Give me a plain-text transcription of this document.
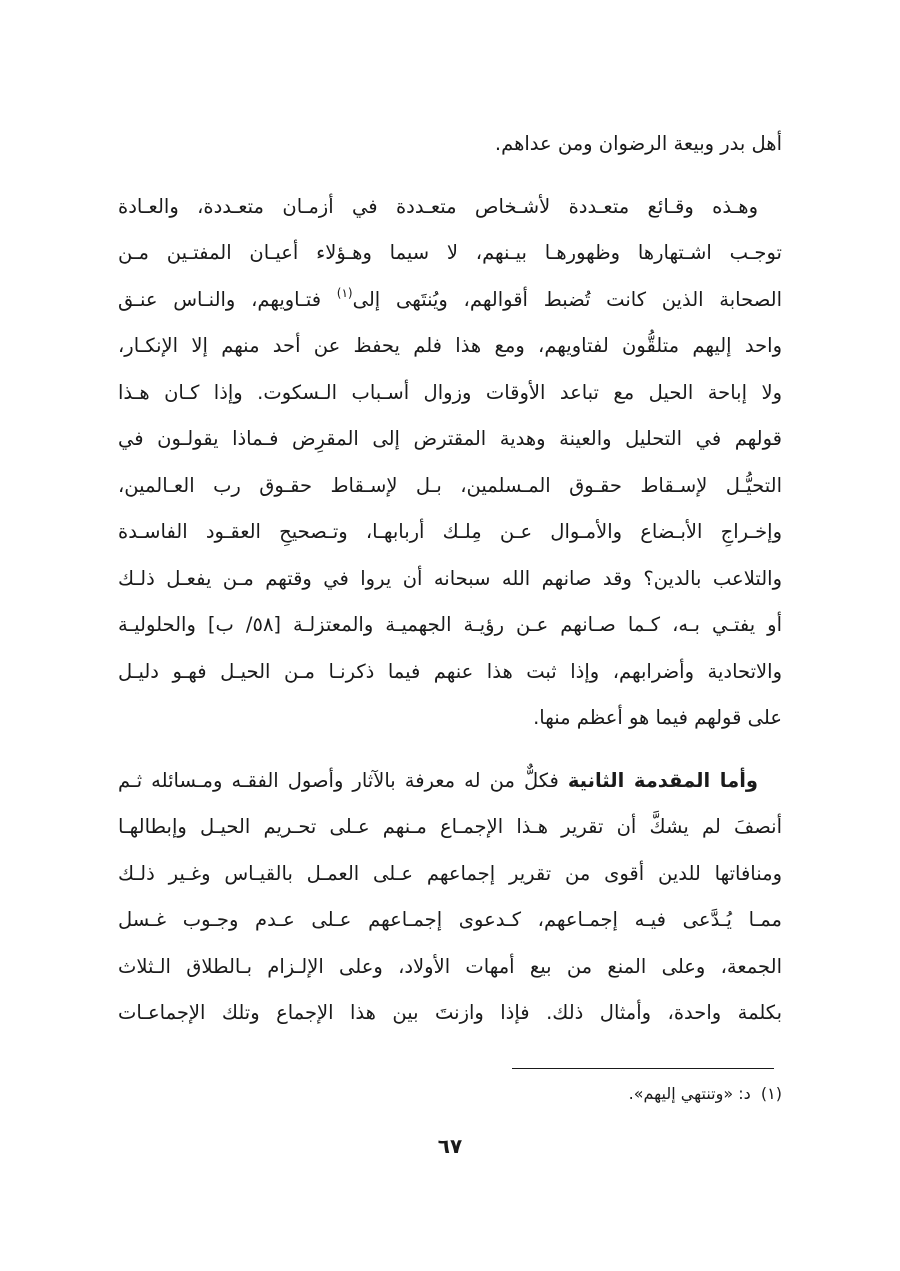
أهل بدر وبيعة الرضوان ومن عداهم.

وهـذه وقـائع متعـددة لأشـخاص متعـددة في أزمـان متعـددة، والعـادة
توجـب اشـتهارها وظهورهـا بيـنهم، لا سيما وهـؤلاء أعيـان المفتـين مـن
الصحابة الذين كانت تُضبط أقوالهم، ويُنتَهى إلى$^{(١)}$ فتـاويهم، والنـاس عنـق
واحد إليهم متلقُّون لفتاويهم، ومع هذا فلم يحفظ عن أحد منهم إلا الإنكـار،
ولا إباحة الحيل مع تباعد الأوقات وزوال أسـباب الـسكوت. وإذا كـان هـذا
قولهم في التحليل والعينة وهدية المقترض إلى المقرِض فـماذا يقولـون في
التحيُّـل لإسـقاط حقـوق المـسلمين، بـل لإسـقاط حقـوق رب العـالمين،
وإخـراجِ الأبـضاع والأمـوال عـن مِلـك أربابهـا، وتـصحيحِ العقـود الفاسـدة
والتلاعب بالدين؟ وقد صانهم الله سبحانه أن يروا في وقتهم مـن يفعـل ذلـك
أو يفتـي بـه، كـما صـانهم عـن رؤيـة الجهميـة والمعتزلـة [٥٨/ ب] والحلوليـة
والاتحادية وأضرابهم، وإذا ثبت هذا عنهم فيما ذكرنـا مـن الحيـل فهـو دليـل
على قولهم فيما هو أعظم منها.

وأما المقدمة الثانية فكلٌّ من له معرفة بالآثار وأصول الفقـه ومـسائله ثـم
أنصفَ لم يشكَّ أن تقرير هـذا الإجمـاع مـنهم عـلى تحـريم الحيـل وإبطالهـا
ومنافاتها للدين أقوى من تقرير إجماعهم عـلى العمـل بالقيـاس وغـير ذلـك
ممـا يُـدَّعى فيـه إجمـاعهم، كـدعوى إجمـاعهم عـلى عـدم وجـوب غـسل
الجمعة، وعلى المنع من بيع أمهات الأولاد، وعلى الإلـزام بـالطلاق الـثلاث
بكلمة واحدة، وأمثال ذلك. فإذا وازنتَ بين هذا الإجماع وتلك الإجماعـات

(١)  د: «وتنتهي إليهم».
٦٧
